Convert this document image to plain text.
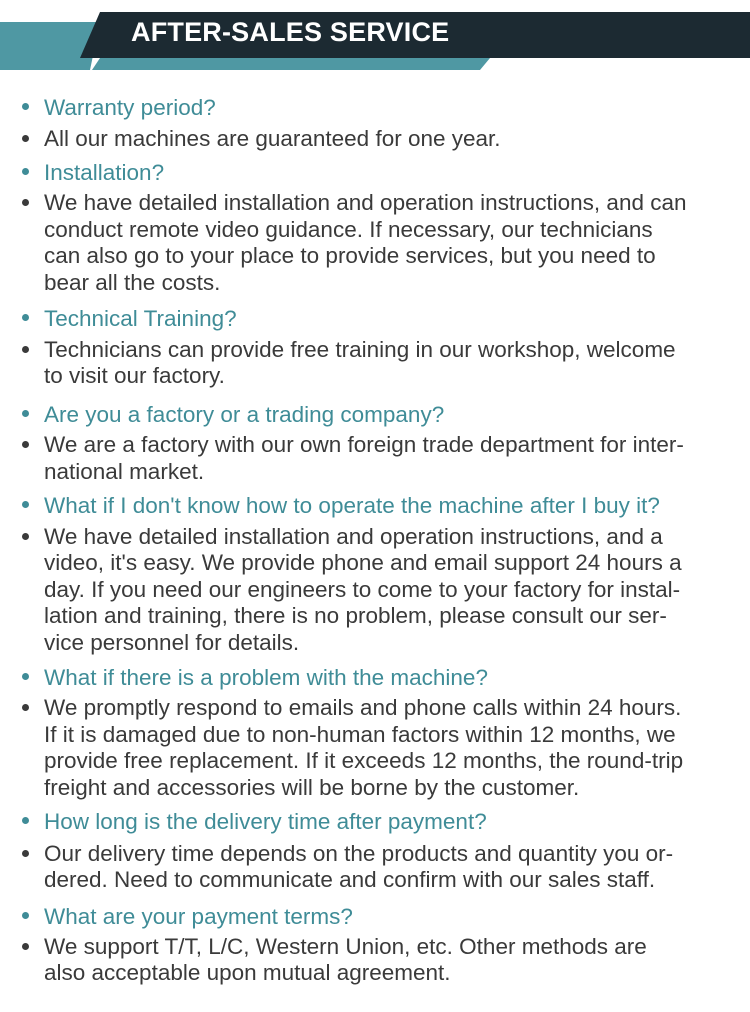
AFTER-SALES SERVICE
Warranty period?
All our machines are guaranteed for one year.
Installation?
We have detailed installation and operation instructions, and can
conduct remote video guidance. If necessary, our technicians
can also go to your place to provide services, but you need to
bear all the costs.
Technical Training?
Technicians can provide free training in our workshop, welcome
to visit our factory.
Are you a factory or a trading company?
We are a factory with our own foreign trade department for inter-
national market.
What if I don't know how to operate the machine after I buy it?
We have detailed installation and operation instructions, and a
video, it's easy. We provide phone and email support 24 hours a
day. If you need our engineers to come to your factory for instal-
lation and training, there is no problem, please consult our ser-
vice personnel for details.
What if there is a problem with the machine?
We promptly respond to emails and phone calls within 24 hours.
If it is damaged due to non-human factors within 12 months, we
provide free replacement. If it exceeds 12 months, the round-trip
freight and accessories will be borne by the customer.
How long is the delivery time after payment?
Our delivery time depends on the products and quantity you or-
dered. Need to communicate and confirm with our sales staff.
What are your payment terms?
We support T/T, L/C, Western Union, etc. Other methods are
also acceptable upon mutual agreement.
